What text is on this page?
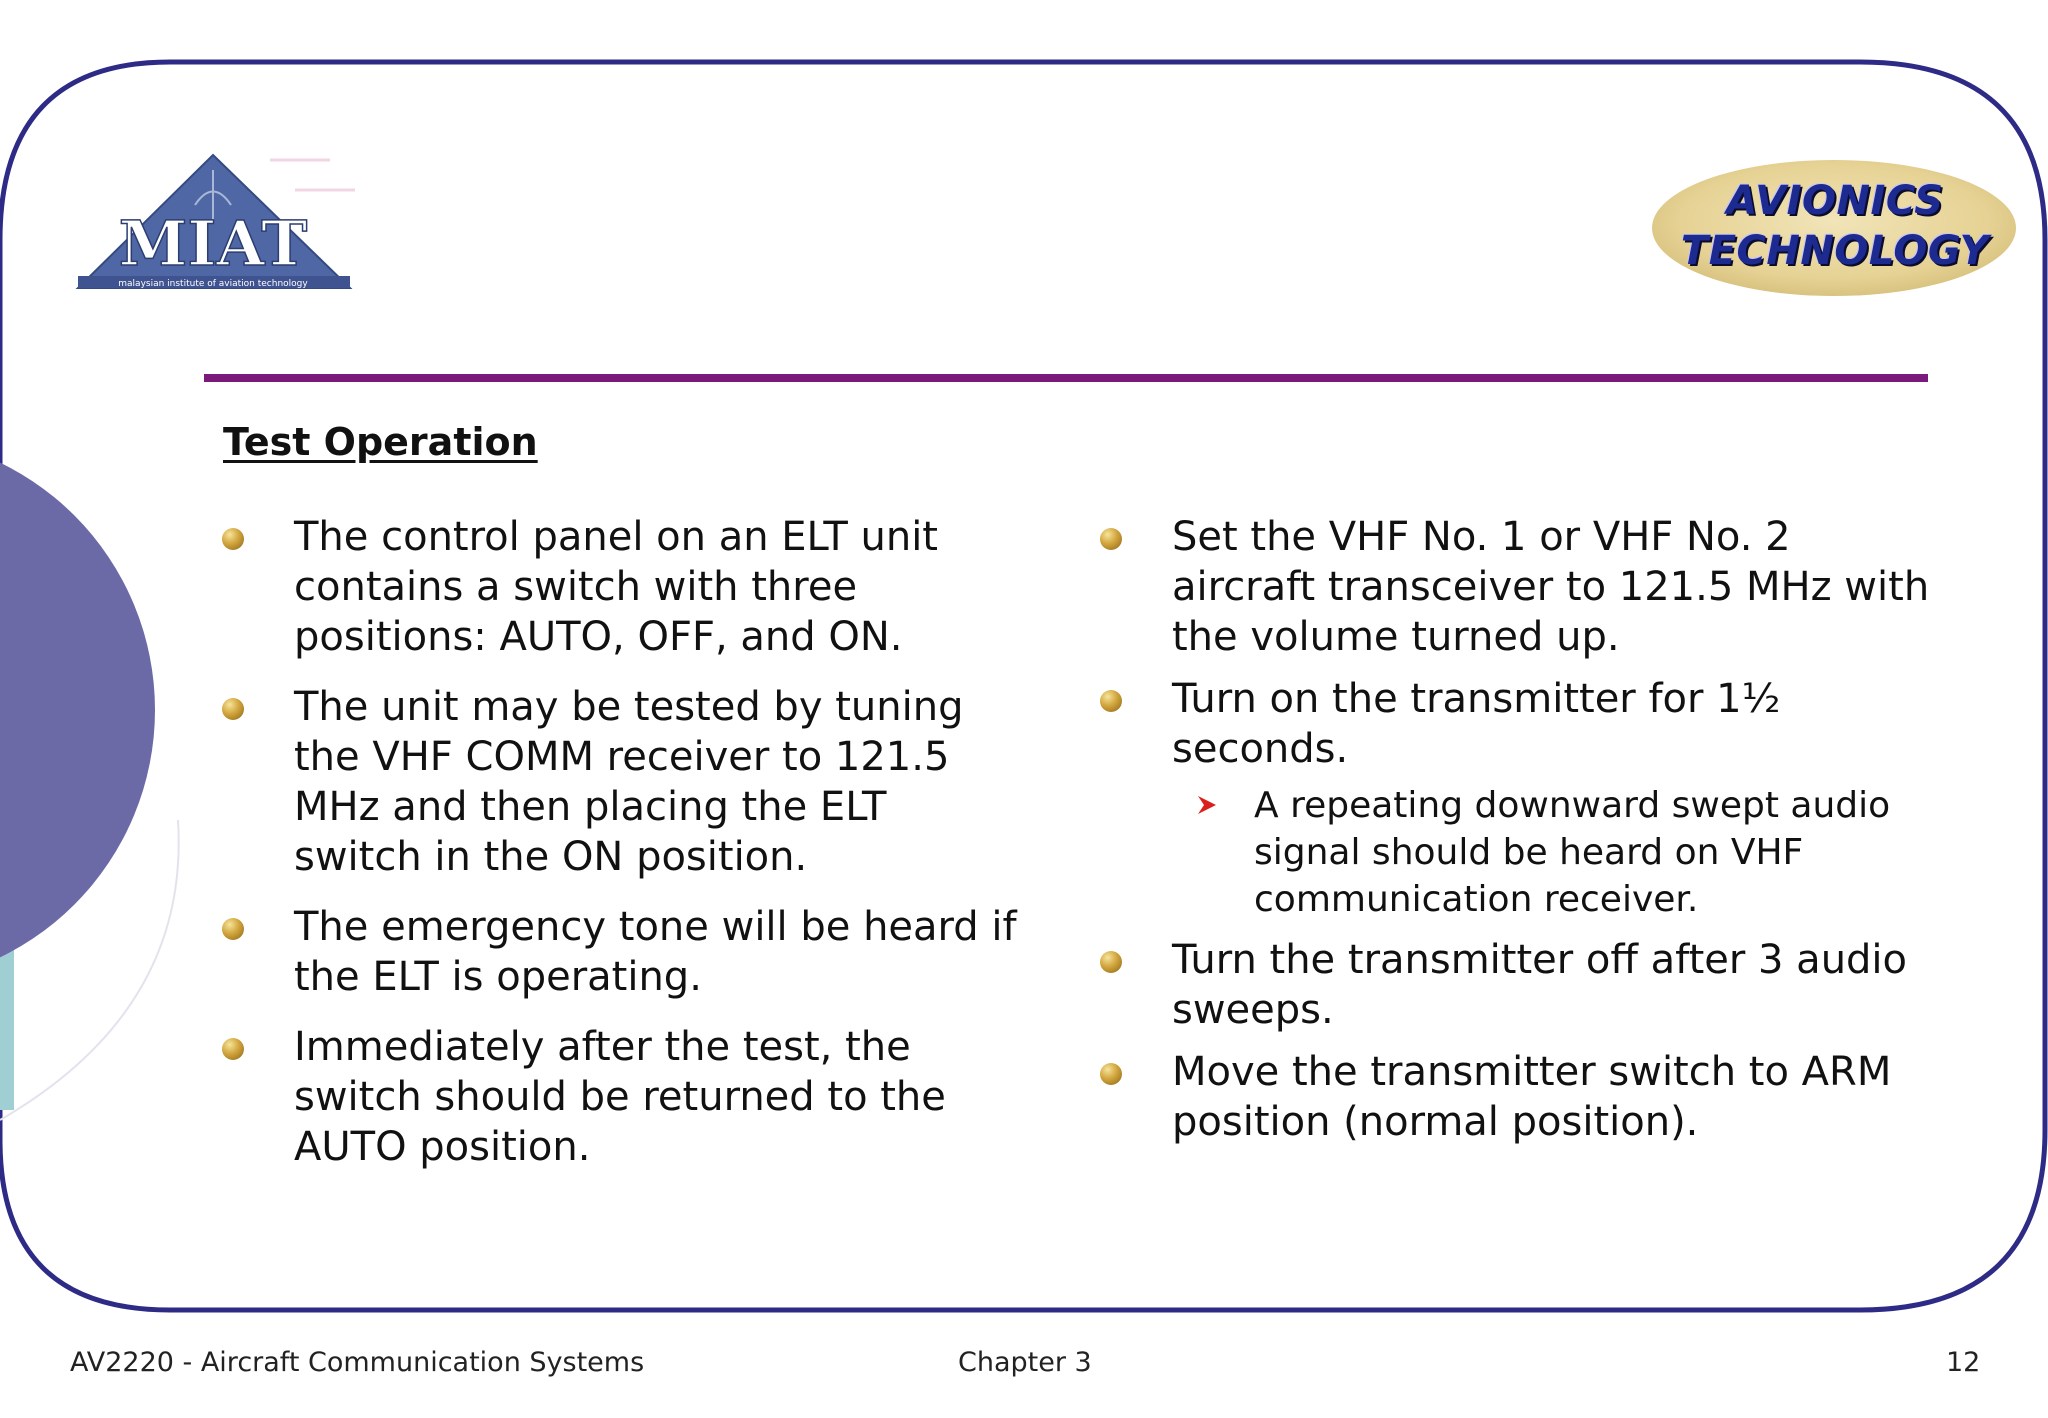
MIAT
malaysian institute of aviation technology
AVIONICS
TECHNOLOGY
Test Operation
The control panel on an ELT unit contains a switch with three positions: AUTO, OFF, and ON.
The unit may be tested by tuning the VHF COMM receiver to 121.5 MHz and then placing the ELT switch in the ON position.
The emergency tone will be heard if the ELT is operating.
Immediately after the test, the switch should be returned to the AUTO position.
Set the VHF No. 1 or VHF No. 2 aircraft transceiver to 121.5 MHz with the volume turned up.
Turn on the transmitter for 1½ seconds.
A repeating downward swept audio signal should be heard on VHF communication receiver.
Turn the transmitter off after 3 audio sweeps.
Move the transmitter switch to ARM position (normal position).
AV2220 - Aircraft Communication Systems	Chapter 3	12
